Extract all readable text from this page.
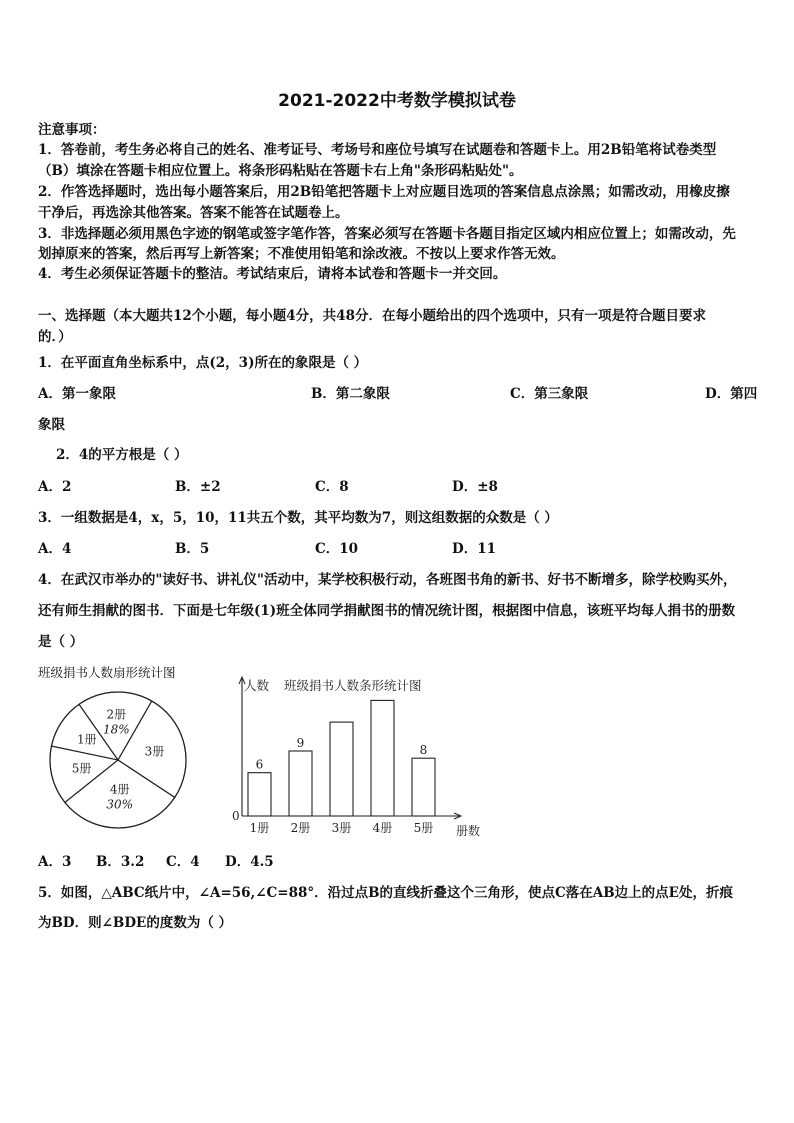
2021-2022中考数学模拟试卷
注意事项：
1．答卷前，考生务必将自己的姓名、准考证号、考场号和座位号填写在试题卷和答题卡上。用2B铅笔将试卷类型
（B）填涂在答题卡相应位置上。将条形码粘贴在答题卡右上角"条形码粘贴处"。
2．作答选择题时，选出每小题答案后，用2B铅笔把答题卡上对应题目选项的答案信息点涂黑；如需改动，用橡皮擦
干净后，再选涂其他答案。答案不能答在试题卷上。
3．非选择题必须用黑色字迹的钢笔或签字笔作答，答案必须写在答题卡各题目指定区域内相应位置上；如需改动，先
划掉原来的答案，然后再写上新答案；不准使用铅笔和涂改液。不按以上要求作答无效。
4．考生必须保证答题卡的整洁。考试结束后，请将本试卷和答题卡一并交回。
一、选择题（本大题共12个小题，每小题4分，共48分．在每小题给出的四个选项中，只有一项是符合题目要求
的．）
1．在平面直角坐标系中，点(2，3)所在的象限是（ ）
A．第一象限	B．第二象限	C．第三象限	D．第四
象限
2．4的平方根是（ ）
A．2	B．±2	C．8	D．±8
3．一组数据是4，x，5，10，11共五个数，其平均数为7，则这组数据的众数是（ ）
A．4	B．5	C．10	D．11
4．在武汉市举办的"读好书、讲礼仪"活动中，某学校积极行动，各班图书角的新书、好书不断增多，除学校购买外，
还有师生捐献的图书．下面是七年级(1)班全体同学捐献图书的情况统计图，根据图中信息，该班平均每人捐书的册数
是（ ）
班级捐书人数扇形统计图
2册
18%
3册
4册
30%
5册
1册
人数 班级捐书人数条形统计图
0
册数
6
1册
9
2册 3册 4册
8
5册
A．3 B．3.2 C．4 D．4.5
5．如图，△ABC纸片中，∠A=56,∠C=88°．沿过点B的直线折叠这个三角形，使点C落在AB边上的点E处，折痕
为BD．则∠BDE的度数为（ ）
